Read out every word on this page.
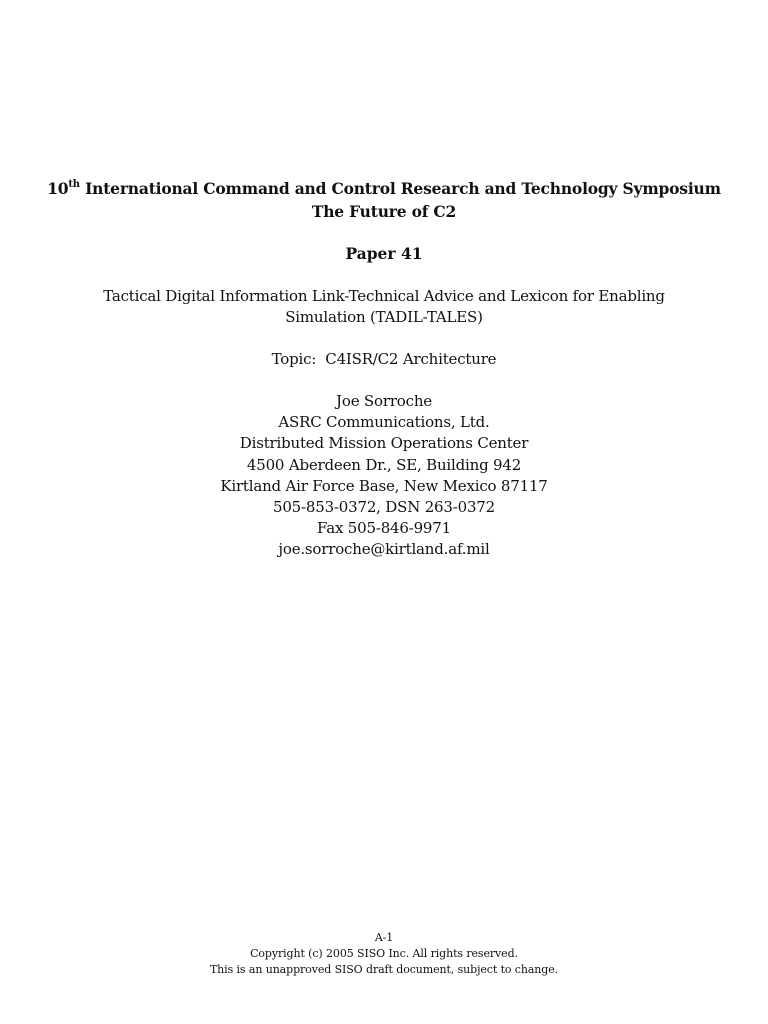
10th International Command and Control Research and Technology Symposium
The Future of C2
Paper 41
Tactical Digital Information Link-Technical Advice and Lexicon for Enabling
Simulation (TADIL-TALES)
Topic:  C4ISR/C2 Architecture
Joe Sorroche
ASRC Communications, Ltd.
Distributed Mission Operations Center
4500 Aberdeen Dr., SE, Building 942
Kirtland Air Force Base, New Mexico 87117
505-853-0372, DSN 263-0372
Fax 505-846-9971
joe.sorroche@kirtland.af.mil
A-1
Copyright (c) 2005 SISO Inc. All rights reserved.
This is an unapproved SISO draft document, subject to change.
